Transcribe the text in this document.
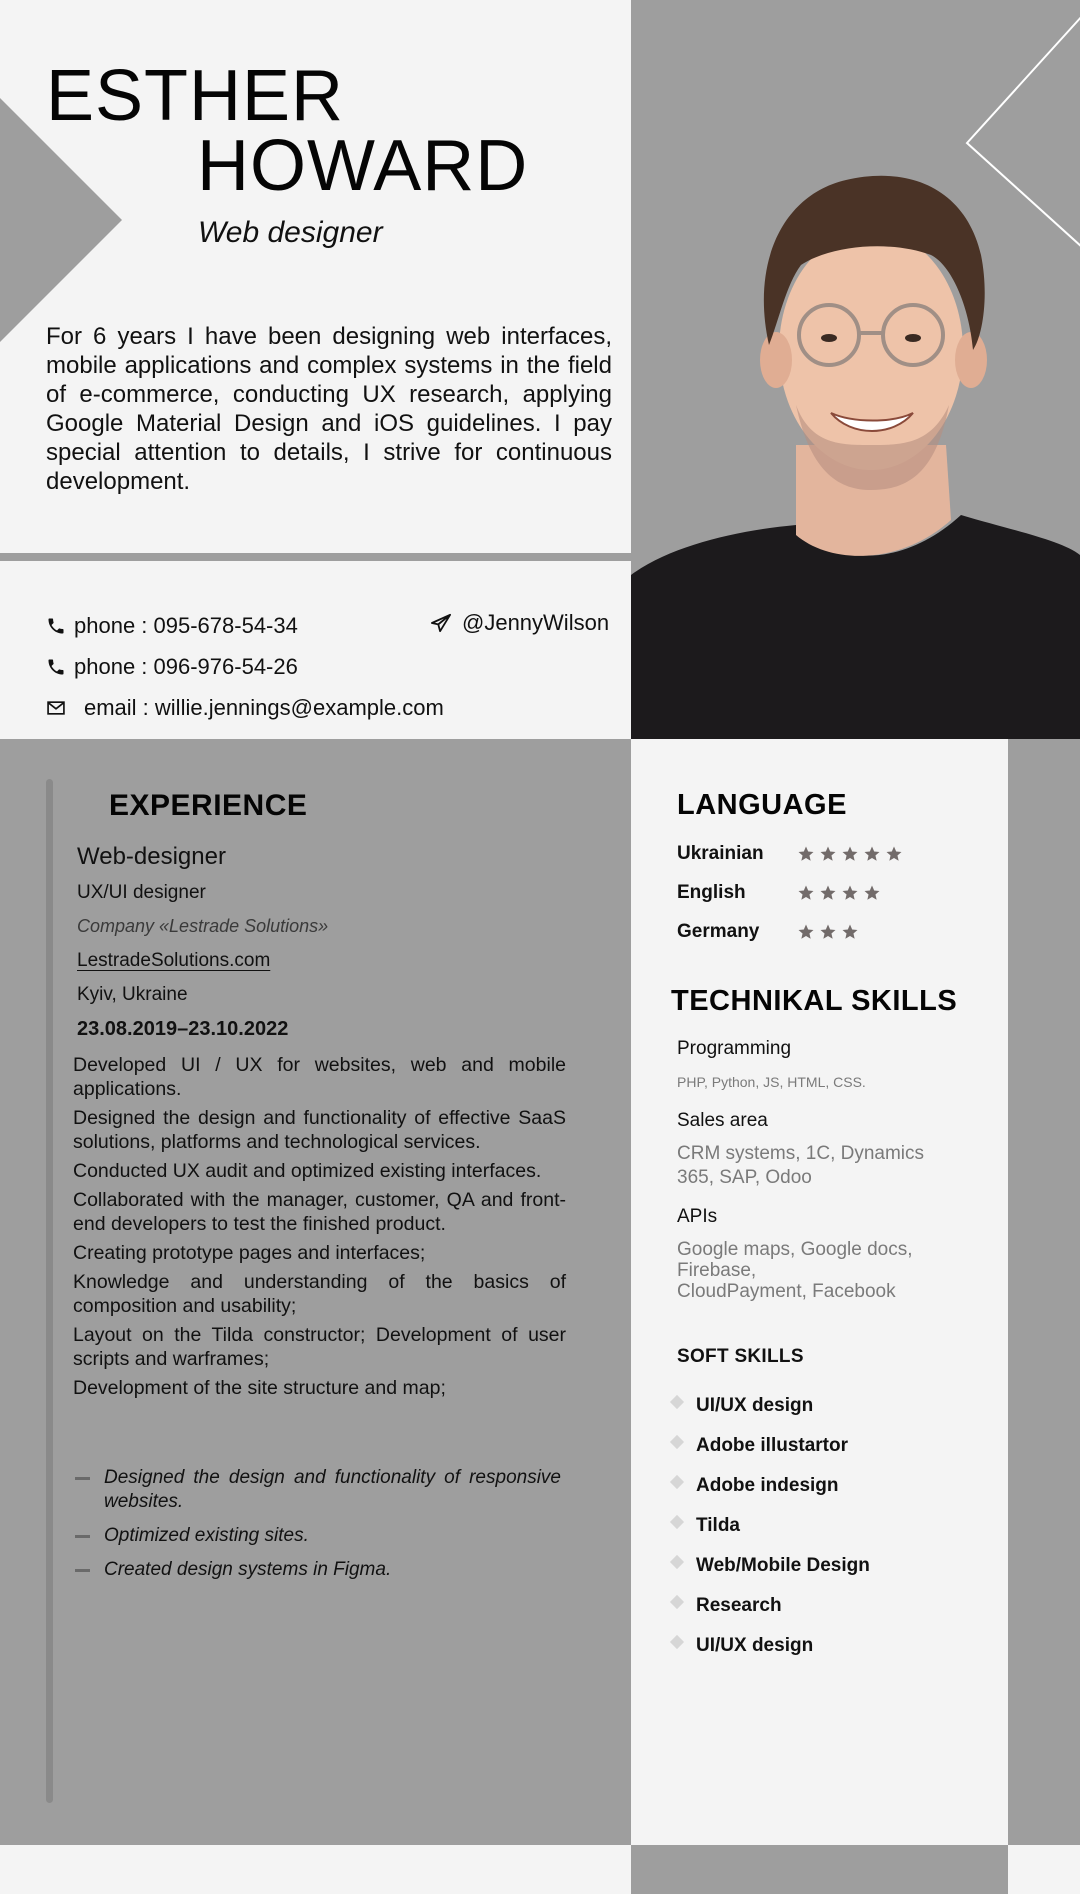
ESTHER
HOWARD
Web designer
For 6 years I have been designing web interfaces, mobile applications and complex systems in the field of e-commerce, conducting UX research, applying Google Material Design and iOS guidelines. I pay special attention to details, I strive for continuous development.
phone : 095-678-54-34
phone : 096-976-54-26
email : willie.jennings@example.com
@JennyWilson
EXPERIENCE
Web-designer
UX/UI designer
Company «Lestrade Solutions»
LestradeSolutions.com
Kyiv, Ukraine
23.08.2019–23.10.2022
Developed UI / UX for websites, web and mobile applications.
Designed the design and functionality of effective SaaS solutions, platforms and technological services.
Conducted UX audit and optimized existing interfaces.
Collaborated with the manager, customer, QA and front-end developers to test the finished product.
Creating prototype pages and interfaces;
Knowledge and understanding of the basics of composition and usability;
Layout on the Tilda constructor; Development of user scripts and warframes;
Development of the site structure and map;
Designed the design and functionality of responsive websites.
Optimized existing sites.
Created design systems in Figma.
LANGUAGE
Ukrainian
English
Germany
TECHNIKAL SKILLS
Programming
PHP, Python, JS, HTML, CSS.
Sales area
CRM systems, 1C, Dynamics 365, SAP, Odoo
APIs
Google maps, Google docs,
Firebase,
CloudPayment, Facebook
SOFT SKILLS
UI/UX design
Adobe illustartor
Adobe indesign
Tilda
Web/Mobile Design
Research
UI/UX design
